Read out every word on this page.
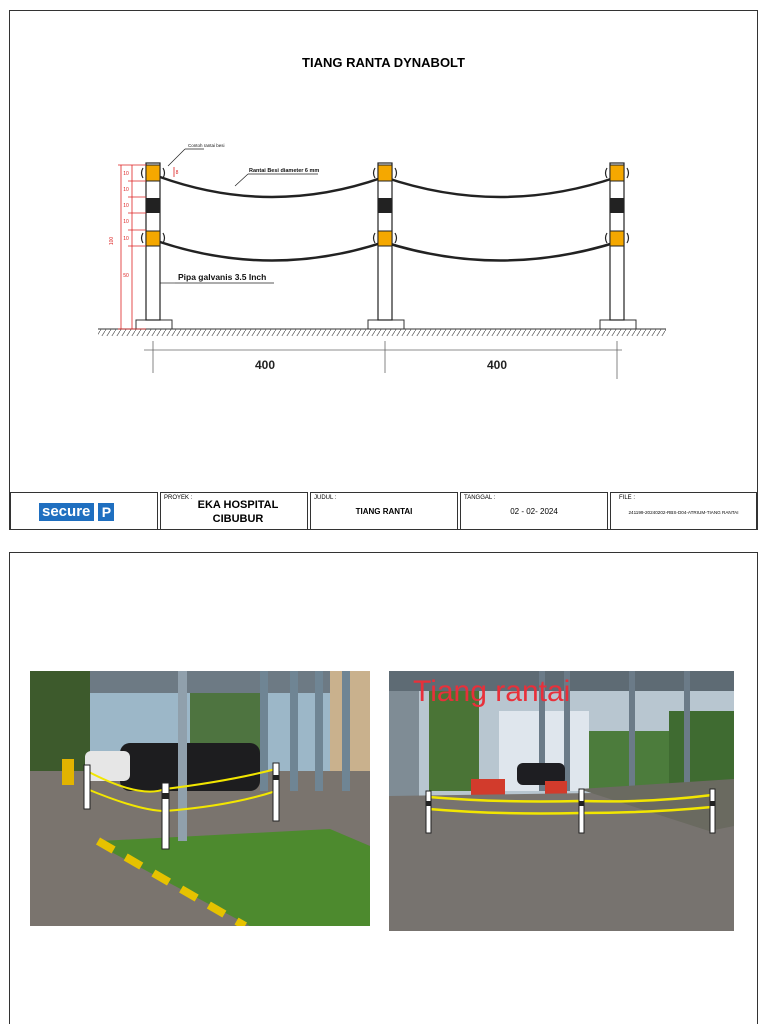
TIANG RANTA DYNABOLT
10
10
10
10
10
50
100
8
Contoh rantai besi
Rantai Besi diameter 6 mm
Pipa galvanis 3.5 Inch
400	400
secure P
PROYEK :
EKA HOSPITAL
CIBUBUR
JUDUL :
TIANG RANTAI
TANGGAL :
02 - 02- 2024
FILE :
241199-20240202-RBS-D04-ATRIUM-TIANG RANTAI
Tiang rantai
